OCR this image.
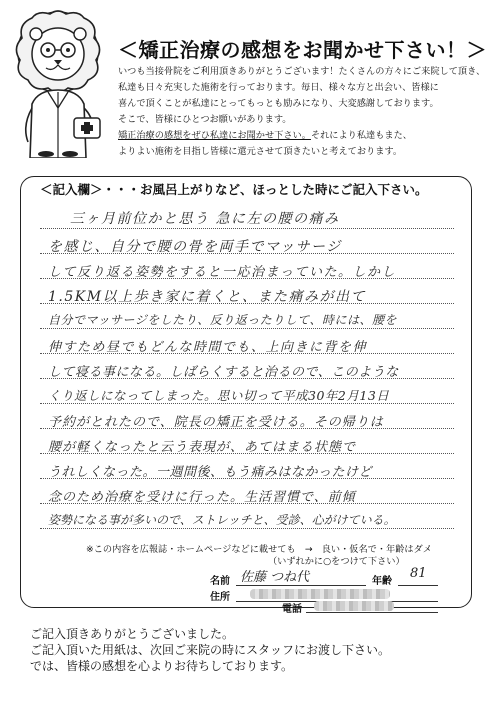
＜矯正治療の感想をお聞かせ下さい！＞
いつも当接骨院をご利用頂きありがとうございます！たくさんの方々にご来院して頂き、
私達も日々充実した施術を行っております。毎日、様々な方と出会い、皆様に
喜んで頂くことが私達にとってもっとも励みになり、大変感謝しております。
そこで、皆様にひとつお願いがあります。
矯正治療の感想をぜひ私達にお聞かせ下さい。それにより私達もまた、
よりよい施術を目指し皆様に還元させて頂きたいと考えております。
＜記入欄＞・・・お風呂上がりなど、ほっとした時にご記入下さい。
三ヶ月前位かと思う 急に左の腰の痛み
を感じ、自分で腰の骨を両手でマッサージ
して反り返る姿勢をすると一応治まっていた。しかし
1.5KM以上歩き家に着くと、また痛みが出て
自分でマッサージをしたり、反り返ったりして、時には、腰を
伸すため昼でもどんな時間でも、上向きに背を伸
して寝る事になる。しばらくすると治るので、このような
くり返しになってしまった。思い切って平成30年2月13日
予約がとれたので、院長の矯正を受ける。その帰りは
腰が軽くなったと云う表現が、あてはまる状態で
うれしくなった。一週間後、もう痛みはなかったけど
念のため治療を受けに行った。生活習慣で、前傾
姿勢になる事が多いので、ストレッチと、受診、心がけている。
※この内容を広報誌・ホームページなどに載せても　→　良い・仮名で・年齢はダメ
（いずれかに○をつけて下さい）
名前 佐藤 つね代	年齢
81
住所
電話
ご記入頂きありがとうございました。
ご記入頂いた用紙は、次回ご来院の時にスタッフにお渡し下さい。
では、皆様の感想を心よりお待ちしております。
